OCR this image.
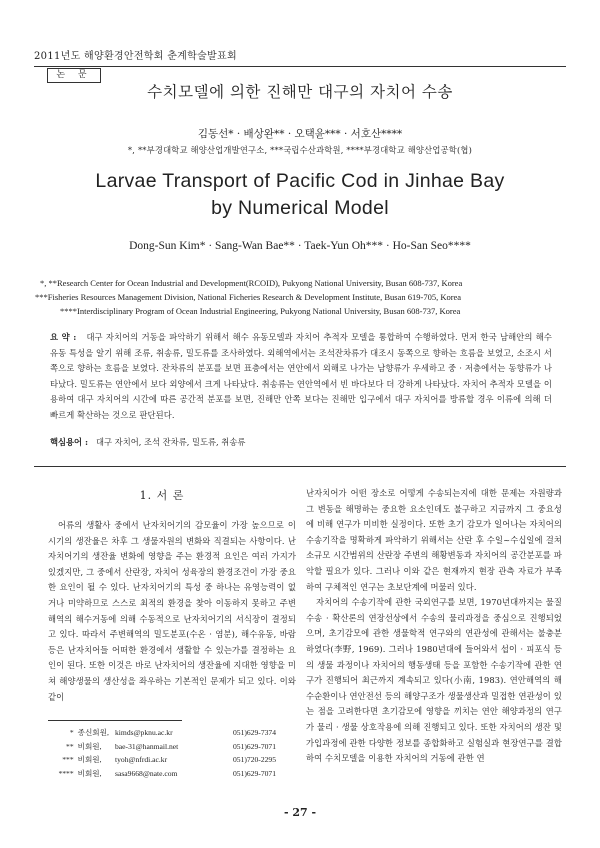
2011년도 해양환경안전학회 춘계학술발표회
논 문
수치모델에 의한 진해만 대구의 자치어 수송
김동선* · 배상완** · 오택윤*** · 서호산****
*, **부경대학교 해양산업개발연구소, ***국립수산과학원, ****부경대학교 해양산업공학(협)
Larvae Transport of Pacific Cod in Jinhae Bay
by Numerical Model
Dong-Sun Kim* · Sang-Wan Bae** · Taek-Yun Oh*** · Ho-San Seo****
*, **Research Center for Ocean Industrial and Development(RCOID), Pukyong National University, Busan 608-737, Korea
***Fisheries Resources Management Division, National Ficheries Research & Development Institute, Busan 619-705, Korea
****Interdisciplinary Program of Ocean Industrial Engineering, Pukyong National University, Busan 608-737, Korea
요 약 : 대구 자치어의 거동을 파악하기 위해서 해수 유동모델과 자치어 추적자 모델을 통합하여 수행하였다. 먼저 한국 남해안의 해수 유동 특성을 알기 위해 조류, 취송류, 밀도류를 조사하였다. 외해역에서는 조석잔차류가 대조시 동쪽으로 향하는 흐름을 보였고, 소조시 서쪽으로 향하는 흐름을 보였다. 잔차류의 분포를 보면 표층에서는 연안에서 외해로 나가는 남향류가 우세하고 중 · 저층에서는 동향류가 나타났다. 밀도류는 연안에서 보다 외양에서 크게 나타났다. 취송류는 연안역에서 빈 바다보다 더 강하게 나타났다. 자치어 추적자 모델을 이용하여 대구 자치어의 시간에 따른 공간적 분포를 보면, 진해만 안쪽 보다는 진해만 입구에서 대구 자치어를 방류할 경우 이류에 의해 더 빠르게 확산하는 것으로 판단된다.
핵심용어 : 대구 자치어, 조석 잔차류, 밀도류, 취송류
1. 서 론

어류의 생활사 중에서 난자치어기의 감모율이 가장 높으므로 이시기의 생잔율은 차후 그 생물자원의 변화와 직결되는 사항이다. 난자치어기의 생잔율 변화에 영향을 주는 환경적 요인은 여러 가지가 있겠지만, 그 중에서 산란장, 자치어 성육장의 환경조건이 가장 중요한 요인이 될 수 있다. 난자치어기의 특성 중 하나는 유영능력이 없거나 미약하므로 스스로 최적의 환경을 찾아 이동하지 못하고 주변해역의 해수거동에 의해 수동적으로 난자치어기의 서식장이 결정되고 있다. 따라서 주변해역의 밀도분포(수온 · 염분), 해수유동, 바람 등은 난자치어들 어떠한 환경에서 생활할 수 있는가를 결정하는 요인이 된다. 또한 이것은 바로 난자치어의 생잔율에 지대한 영향을 미쳐 해양생물의 생산성을 좌우하는 기본적인 문제가 되고 있다. 이와 같이

난자치어가 어떤 장소로 어떻게 수송되는지에 대한 문제는 자원량과 그 변동을 해명하는 중요한 요소인데도 불구하고 지금까지 그 중요성에 비해 연구가 미비한 실정이다. 또한 초기 감모가 일어나는 자치어의 수송기작을 명확하게 파악하기 위해서는 산란 후 수일~수십일에 걸쳐 소규모 시간범위의 산란장 주변의 해황변동과 자치어의 공간분포를 파악할 필요가 있다. 그러나 이와 같은 현재까지 현장 관측 자료가 부족하여 구체적인 연구는 초보단계에 머물러 있다.

자치어의 수송기작에 관한 국외연구를 보면, 1970년대까지는 물질수송 · 확산론의 연장선상에서 수송의 물리과정을 중심으로 진행되었으며, 초기감모에 관한 생물학적 연구와의 연관성에 관해서는 불충분하였다(李野, 1969). 그러나 1980년대에 들어와서 섭이 · 피포식 등의 생물 과정이나 자치어의 행동생태 등을 포함한 수송기작에 관한 연구가 진행되어 최근까지 계속되고 있다(小南, 1983). 연안해역의 해수순환이나 연안전선 등의 해양구조가 생물생산과 밀접한 연관성이 있는 점을 고려한다면 초기감모에 영향을 끼치는 연안 해양과정의 연구가 물리 · 생물 상호작용에 의해 진행되고 있다. 또한 자치어의 생잔 및 가입과정에 관한 다양한 정보를 종합화하고 실험실과 현장연구를 결합하여 수치모델을 이용한 자치어의 거동에 관한 연

* 종신회원, kimds@pknu.ac.kr	051)629-7374
** 비회원,	bae-31@hanmail.net	051)629-7071
*** 비회원,	tyoh@nfrdi.ac.kr	051)720-2295
**** 비회원,	sasa9668@nate.com	051)629-7071
- 27 -
